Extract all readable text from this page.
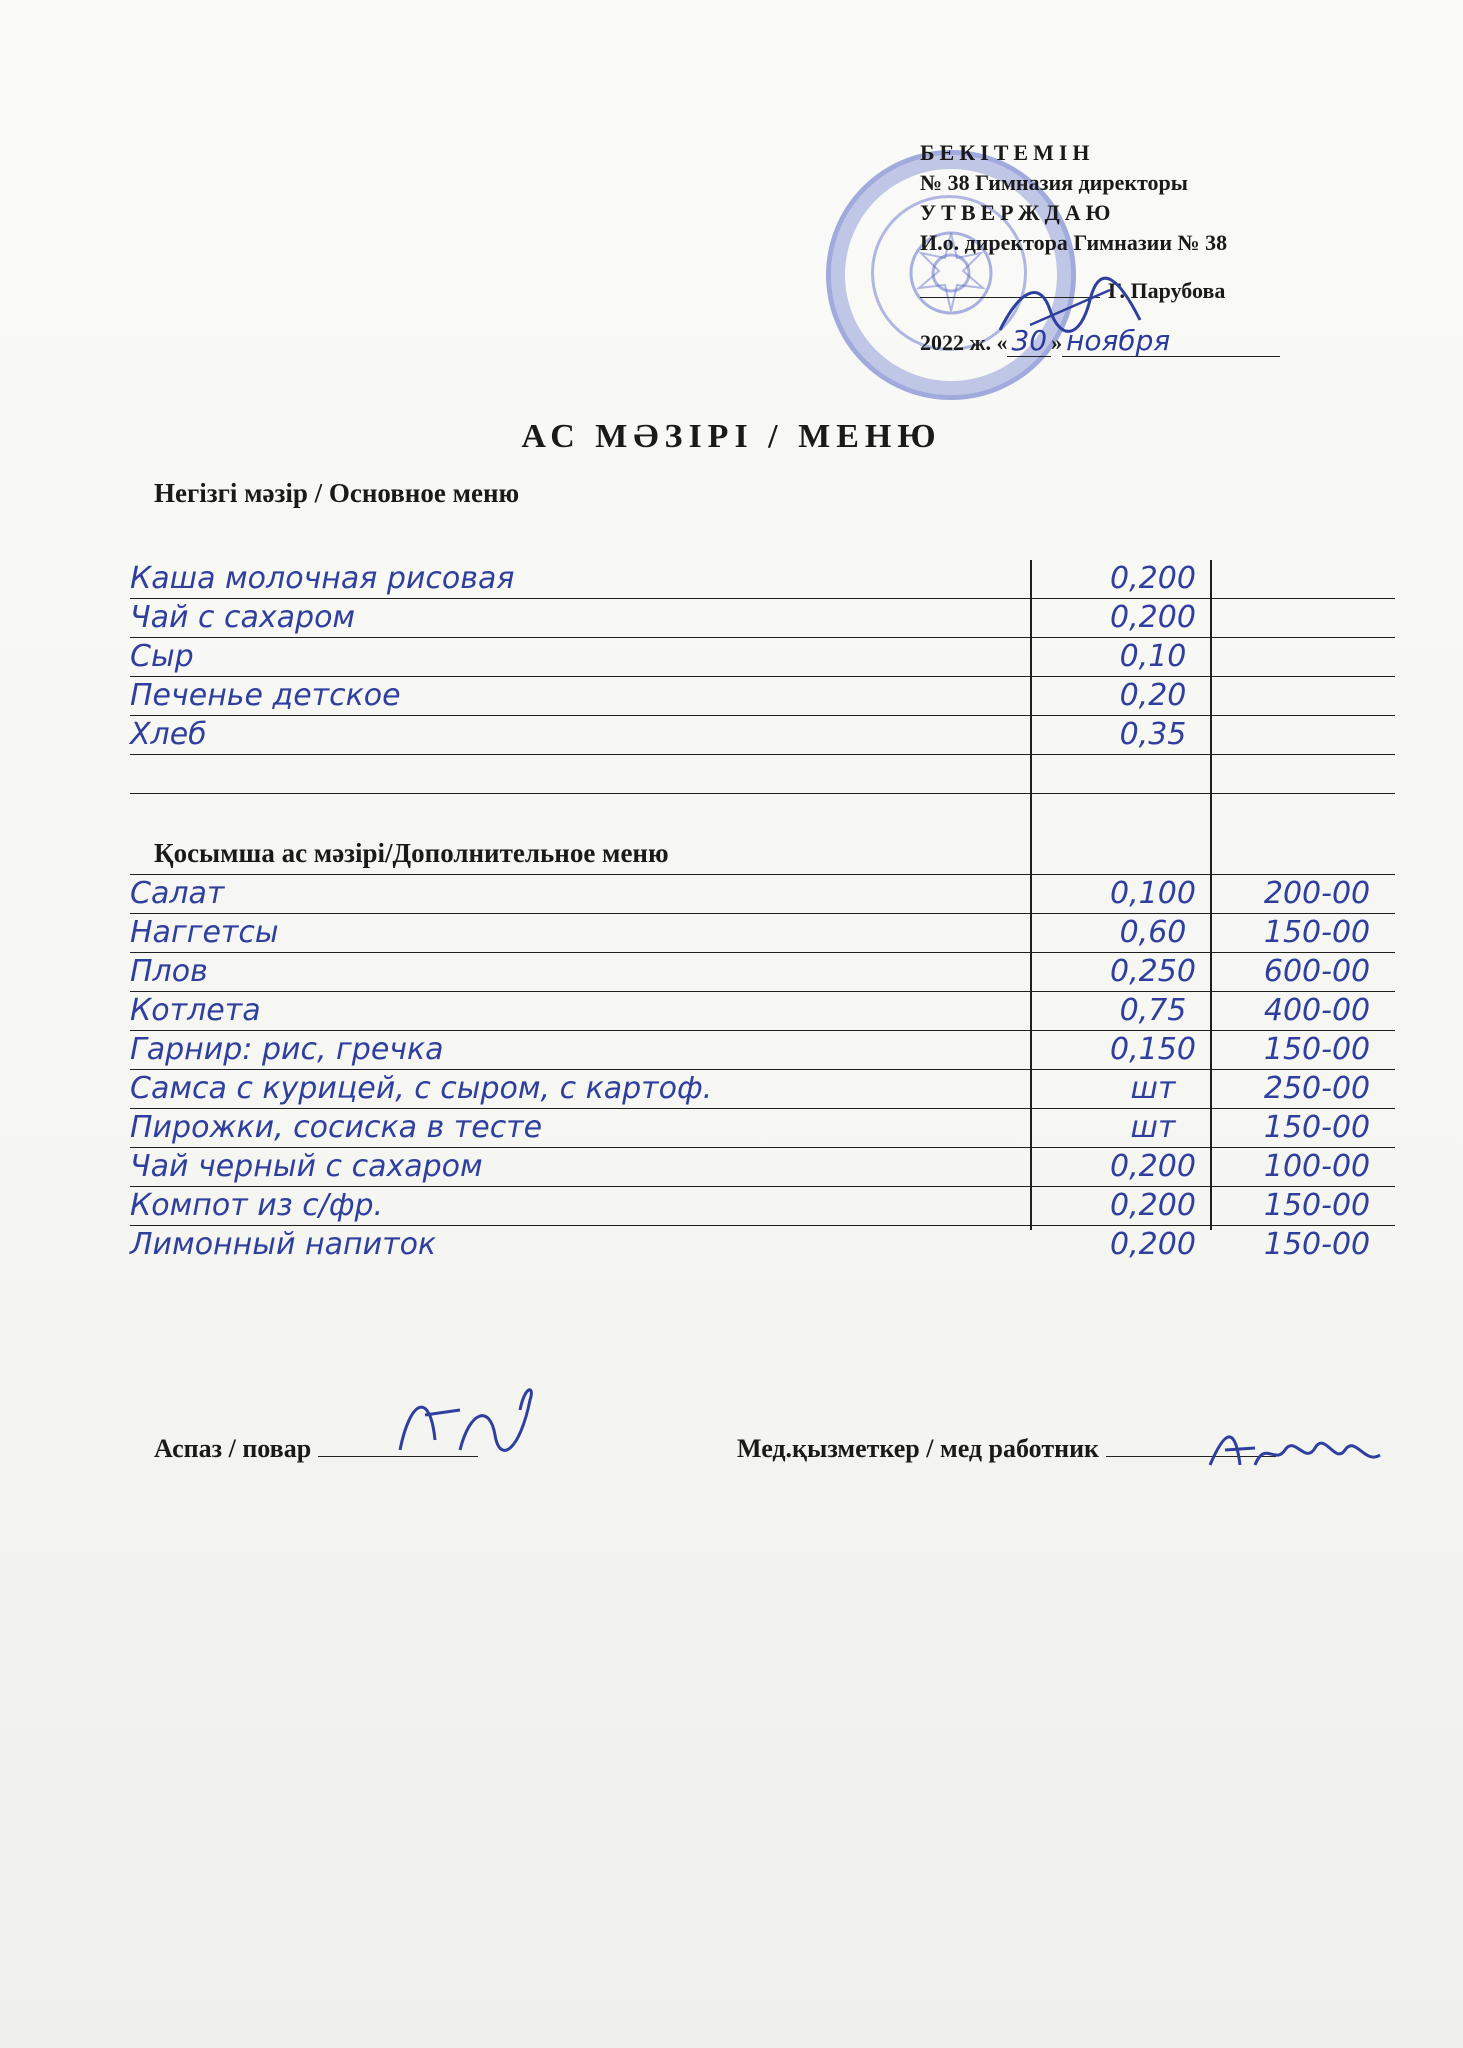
БЕКІТЕМІН
№ 38 Гимназия директоры
УТВЕРЖДАЮ
И.о. директора Гимназии № 38
Г. Парубова
2022 ж. « 30 » ноября
АС МӘЗІРІ / МЕНЮ
Негізгі мәзір / Основное меню
Каша молочная рисовая	0,200
Чай с сахаром	0,200
Сыр	0,10
Печенье детское	0,20
Хлеб	0,35
Қосымша ас мәзірі/Дополнительное меню
Салат	0,100	200-00
Наггетсы	0,60	150-00
Плов	0,250	600-00
Котлета	0,75	400-00
Гарнир: рис, гречка	0,150	150-00
Самса с курицей, с сыром, с картоф.	шт	250-00
Пирожки, сосиска в тесте	шт	150-00
Чай черный с сахаром	0,200	100-00
Компот из с/фр.	0,200	150-00
Лимонный напиток	0,200	150-00
Аспаз / повар	Мед.қызметкер / мед работник
